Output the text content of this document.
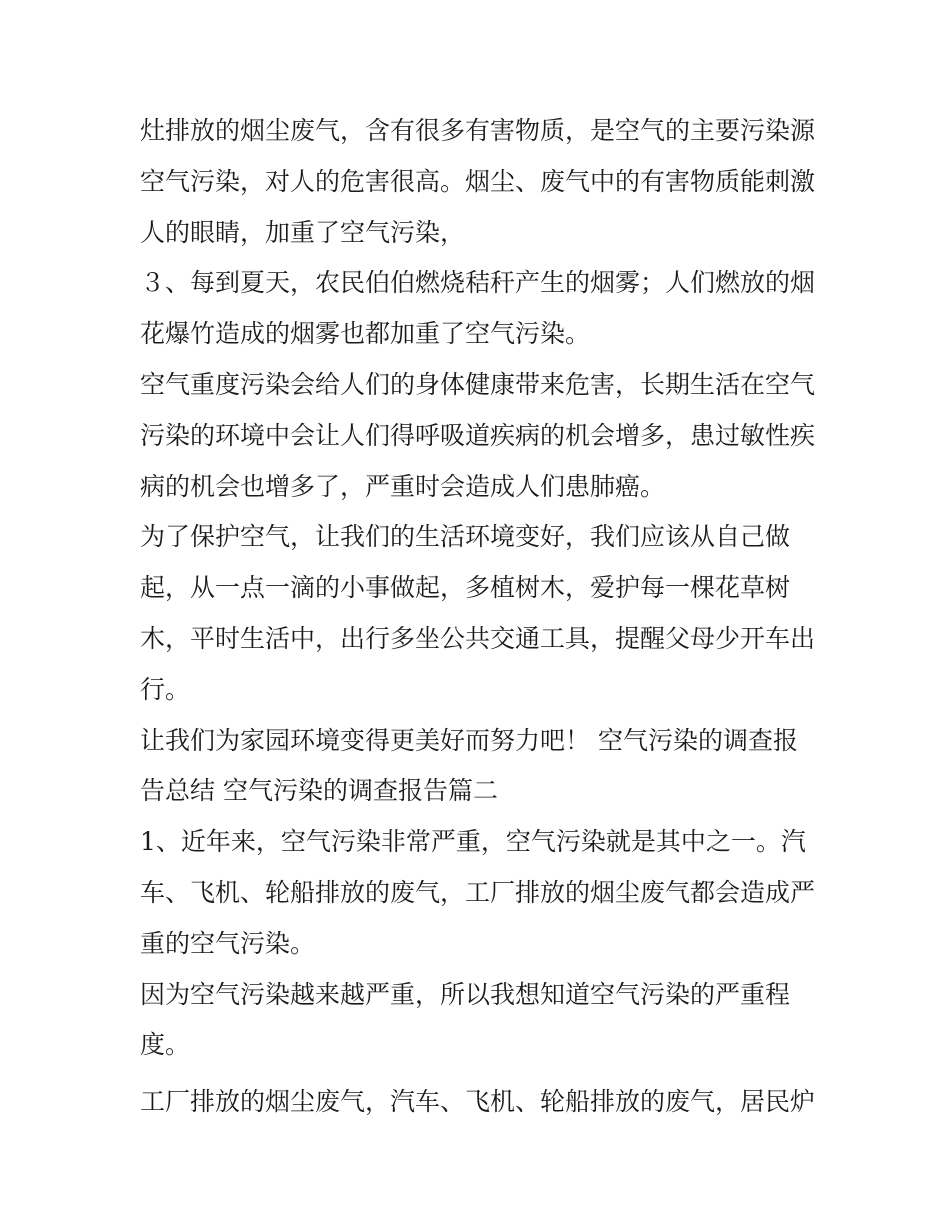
灶排放的烟尘废气，含有很多有害物质，是空气的主要污染源
空气污染，对人的危害很高。烟尘、废气中的有害物质能刺激
人的眼睛，加重了空气污染，
３、每到夏天，农民伯伯燃烧秸秆产生的烟雾；人们燃放的烟
花爆竹造成的烟雾也都加重了空气污染。
空气重度污染会给人们的身体健康带来危害，长期生活在空气
污染的环境中会让人们得呼吸道疾病的机会增多，患过敏性疾
病的机会也增多了，严重时会造成人们患肺癌。
为了保护空气，让我们的生活环境变好，我们应该从自己做
起，从一点一滴的小事做起，多植树木，爱护每一棵花草树
木，平时生活中，出行多坐公共交通工具，提醒父母少开车出
行。
让我们为家园环境变得更美好而努力吧！ 空气污染的调查报
告总结 空气污染的调查报告篇二
1、近年来，空气污染非常严重，空气污染就是其中之一。汽
车、飞机、轮船排放的废气，工厂排放的烟尘废气都会造成严
重的空气污染。
因为空气污染越来越严重，所以我想知道空气污染的严重程
度。
工厂排放的烟尘废气，汽车、飞机、轮船排放的废气，居民炉
